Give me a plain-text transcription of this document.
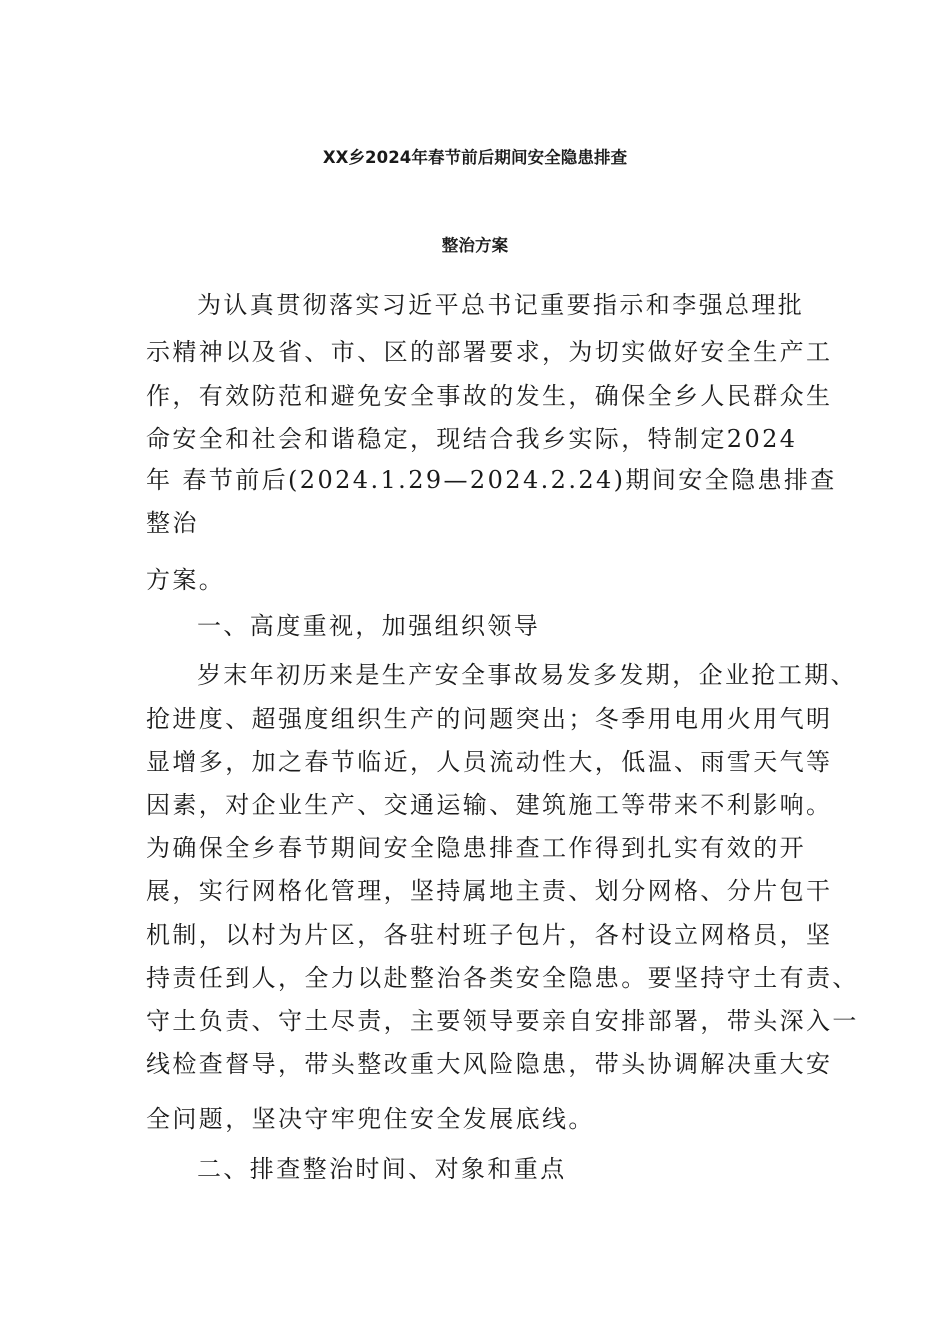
XX乡2024年春节前后期间安全隐患排查
整治方案
为认真贯彻落实习近平总书记重要指示和李强总理批
示精神以及省、市、区的部署要求，为切实做好安全生产工
作，有效防范和避免安全事故的发生，确保全乡人民群众生
命安全和社会和谐稳定，现结合我乡实际，特制定2024
年 春节前后(2024.1.29—2024.2.24)期间安全隐患排查
整治
方案。
一、高度重视，加强组织领导
岁末年初历来是生产安全事故易发多发期，企业抢工期、
抢进度、超强度组织生产的问题突出；冬季用电用火用气明
显增多，加之春节临近，人员流动性大，低温、雨雪天气等
因素，对企业生产、交通运输、建筑施工等带来不利影响。
为确保全乡春节期间安全隐患排查工作得到扎实有效的开
展，实行网格化管理，坚持属地主责、划分网格、分片包干
机制，以村为片区，各驻村班子包片，各村设立网格员，坚
持责任到人，全力以赴整治各类安全隐患。要坚持守土有责、
守土负责、守土尽责，主要领导要亲自安排部署，带头深入一
线检查督导，带头整改重大风险隐患，带头协调解决重大安
全问题，坚决守牢兜住安全发展底线。
二、排查整治时间、对象和重点
